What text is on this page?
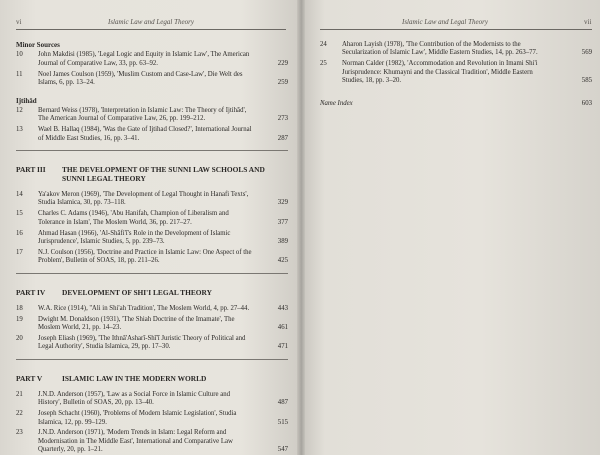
vi	Islamic Law and Legal Theory
Minor Sources
10	John Makdisi (1985), 'Legal Logic and Equity in Islamic Law', The American Journal of Comparative Law, 33, pp. 63–92.	229
11	Noel James Coulson (1959), 'Muslim Custom and Case-Law', Die Welt des Islams, 6, pp. 13–24.	259
Ijtihād
12	Bernard Weiss (1978), 'Interpretation in Islamic Law: The Theory of Ijtihād', The American Journal of Comparative Law, 26, pp. 199–212.	273
13	Wael B. Hallaq (1984), 'Was the Gate of Ijtihad Closed?', International Journal of Middle East Studies, 16, pp. 3–41.	287
PART III	THE DEVELOPMENT OF THE SUNNI LAW SCHOOLS AND SUNNI LEGAL THEORY
14	Ya'akov Meron (1969), 'The Development of Legal Thought in Hanafi Texts', Studia Islamica, 30, pp. 73–118.	329
15	Charles C. Adams (1946), 'Abu Hanifah, Champion of Liberalism and Tolerance in Islam', The Moslem World, 36, pp. 217–27.	377
16	Ahmad Hasan (1966), 'Al-Shāfi'ī's Role in the Development of Islamic Jurisprudence', Islamic Studies, 5, pp. 239–73.	389
17	N.J. Coulson (1956), 'Doctrine and Practice in Islamic Law: One Aspect of the Problem', Bulletin of SOAS, 18, pp. 211–26.	425
PART IV	DEVELOPMENT OF SHI'I LEGAL THEORY
18	W.A. Rice (1914), ''Ali in Shi'ah Tradition', The Moslem World, 4, pp. 27–44.	443
19	Dwight M. Donaldson (1931), 'The Shiah Doctrine of the Imamate', The Moslem World, 21, pp. 14–23.	461
20	Joseph Eliash (1969), 'The Ithnā'Asharī-Shī'ī Juristic Theory of Political and Legal Authority', Studia Islamica, 29, pp. 17–30.	471
PART V	ISLAMIC LAW IN THE MODERN WORLD
21	J.N.D. Anderson (1957), 'Law as a Social Force in Islamic Culture and History', Bulletin of SOAS, 20, pp. 13–40.	487
22	Joseph Schacht (1960), 'Problems of Modern Islamic Legislation', Studia Islamica, 12, pp. 99–129.	515
23	J.N.D. Anderson (1971), 'Modern Trends in Islam: Legal Reform and Modernisation in The Middle East', International and Comparative Law Quarterly, 20, pp. 1–21.	547
Islamic Law and Legal Theory	vii
24	Aharon Layish (1978), 'The Contribution of the Modernists to the Secularization of Islamic Law', Middle Eastern Studies, 14, pp. 263–77.	569
25	Norman Calder (1982), 'Accommodation and Revolution in Imami Shi'i Jurisprudence: Khumayni and the Classical Tradition', Middle Eastern Studies, 18, pp. 3–20.	585
Name Index	603
